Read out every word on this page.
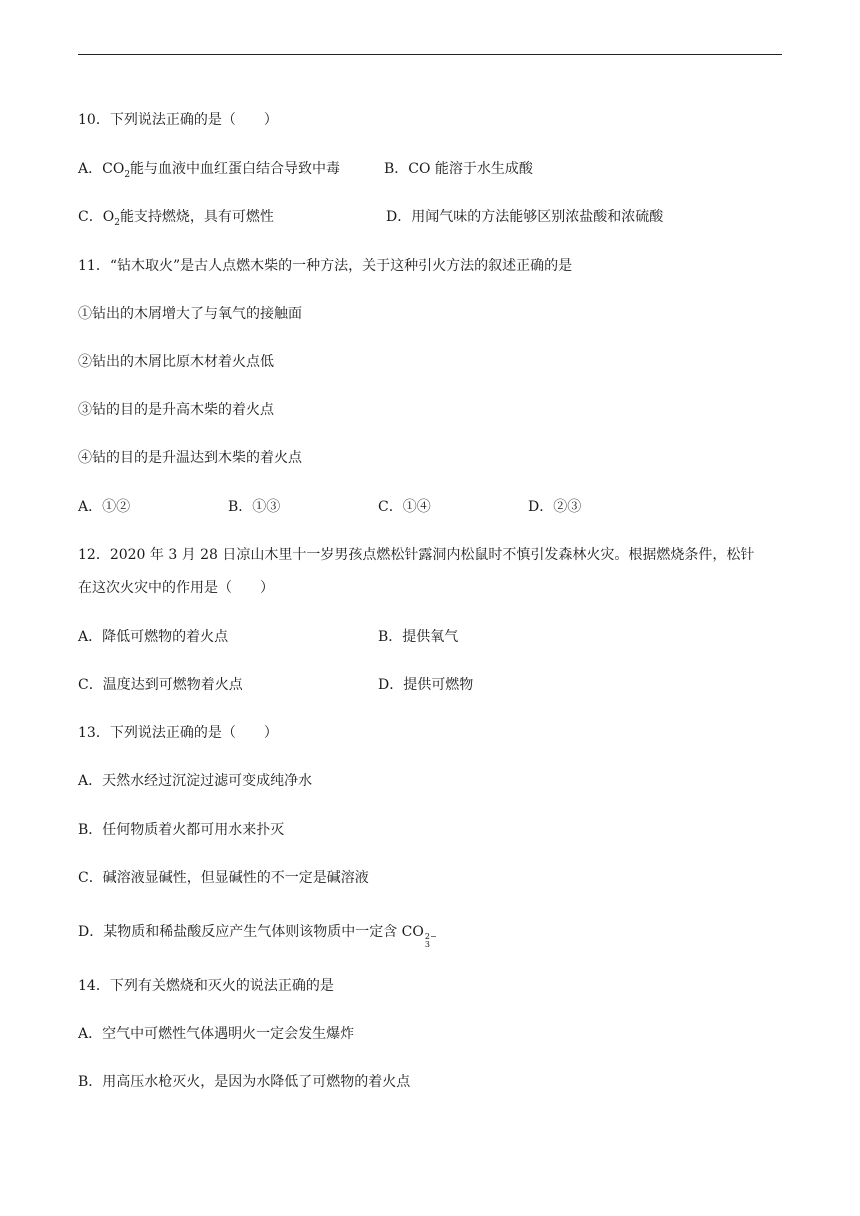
10．下列说法正确的是（　　）
A．$CO_2$能与血液中血红蛋白结合导致中毒	B．CO 能溶于水生成酸
C．$O_2$能支持燃烧，具有可燃性	D．用闻气味的方法能够区别浓盐酸和浓硫酸
11．“钻木取火”是古人点燃木柴的一种方法，关于这种引火方法的叙述正确的是
①钻出的木屑增大了与氧气的接触面
②钻出的木屑比原木材着火点低
③钻的目的是升高木柴的着火点
④钻的目的是升温达到木柴的着火点
A．①②	B．①③	C．①④	D．②③
12．2020 年 3 月 28 日凉山木里十一岁男孩点燃松针露洞内松鼠时不慎引发森林火灾。根据燃烧条件，松针
在这次火灾中的作用是（　　）
A．降低可燃物的着火点	B．提供氧气
C．温度达到可燃物着火点	D．提供可燃物
13．下列说法正确的是（　　）
A．天然水经过沉淀过滤可变成纯净水
B．任何物质着火都可用水来扑灭
C．碱溶液显碱性，但显碱性的不一定是碱溶液
D．某物质和稀盐酸反应产生气体则该物质中一定含 CO 2−
3
14．下列有关燃烧和灭火的说法正确的是
A．空气中可燃性气体遇明火一定会发生爆炸
B．用高压水枪灭火，是因为水降低了可燃物的着火点
